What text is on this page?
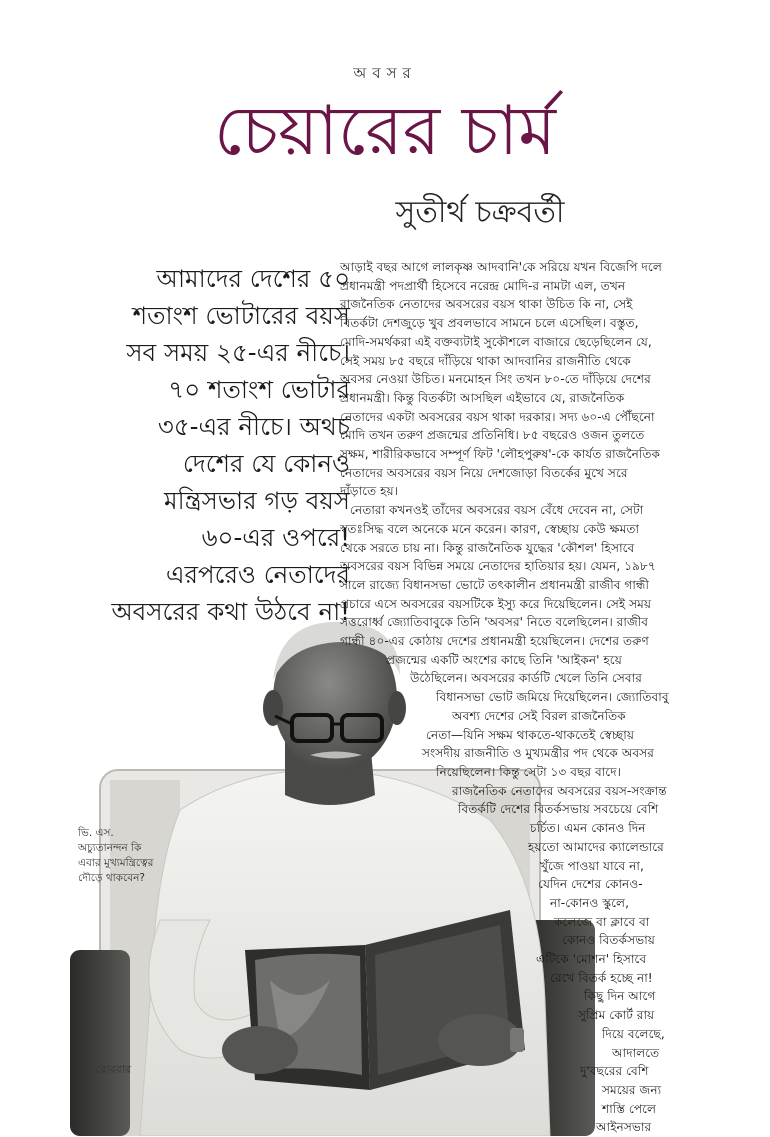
অবসর
চেয়ারের চার্ম
সুতীর্থ চক্রবর্তী

আমাদের দেশের ৫০

শতাংশ ভোটারের বয়স

সব সময় ২৫-এর নীচে।

৭০ শতাংশ ভোটার

৩৫-এর নীচে। অথচ

দেশের যে কোনও

মন্ত্রিসভার গড় বয়স

৬০-এর ওপরে!

এরপরেও নেতাদের

অবসরের কথা উঠবে না!

আড়াই বছর আগে লালকৃষ্ণ আদবানি'কে সরিয়ে যখন বিজেপি দলে
প্রধানমন্ত্রী পদপ্রার্থী হিসেবে নরেন্দ্র মোদি-র নামটা এল, তখন
রাজনৈতিক নেতাদের অবসরের বয়স থাকা উচিত কি না, সেই
বিতর্কটা দেশজুড়ে খুব প্রবলভাবে সামনে চলে এসেছিল। বস্তুত,
মোদি-সমর্থকরা এই বক্তব্যটাই সুকৌশলে বাজারে ছেড়েছিলেন যে,
সেই সময় ৮৫ বছরে দাঁড়িয়ে থাকা আদবানির রাজনীতি থেকে
অবসর নেওয়া উচিত। মনমোহন সিং তখন ৮০-তে দাঁড়িয়ে দেশের
প্রধানমন্ত্রী। কিন্তু বিতর্কটা আসছিল এইভাবে যে, রাজনৈতিক
নেতাদের একটা অবসরের বয়স থাকা দরকার। সদ্য ৬০-এ পৌঁছনো
মোদি তখন তরুণ প্রজন্মের প্রতিনিধি। ৮৫ বছরেও ওজন তুলতে
সক্ষম, শারীরিকভাবে সম্পূর্ণ ফিট 'লৌহপুরুষ'-কে কার্যত রাজনৈতিক
নেতাদের অবসরের বয়স নিয়ে দেশজোড়া বিতর্কের মুখে সরে
দাঁড়াতে হয়।
নেতারা কখনওই তাঁদের অবসরের বয়স বেঁধে দেবেন না, সেটা
স্বতঃসিদ্ধ বলে অনেকে মনে করেন। কারণ, স্বেচ্ছায় কেউ ক্ষমতা
থেকে সরতে চায় না। কিন্তু রাজনৈতিক যুদ্ধের 'কৌশল' হিসাবে
অবসরের বয়স বিভিন্ন সময়ে নেতাদের হাতিয়ার হয়। যেমন, ১৯৮৭
সালে রাজ্যে বিধানসভা ভোটে তৎকালীন প্রধানমন্ত্রী রাজীব গান্ধী
প্রচারে এসে অবসরের বয়সটিকে ইস্যু করে দিয়েছিলেন। সেই সময়
সত্তরোর্ধ্ব জ্যোতিবাবুকে তিনি 'অবসর' নিতে বলেছিলেন। রাজীব
গান্ধী ৪০-এর কোঠায় দেশের প্রধানমন্ত্রী হয়েছিলেন। দেশের তরুণ
প্রজন্মের একটি অংশের কাছে তিনি 'আইকন' হয়ে
উঠেছিলেন। অবসরের কার্ডটি খেলে তিনি সেবার
বিধানসভা ভোট জমিয়ে দিয়েছিলেন। জ্যোতিবাবু
অবশ্য দেশের সেই বিরল রাজনৈতিক
নেতা—যিনি সক্ষম থাকতে-থাকতেই স্বেচ্ছায়
সংসদীয় রাজনীতি ও মুখ্যমন্ত্রীর পদ থেকে অবসর
নিয়েছিলেন। কিন্তু সেটা ১৩ বছর বাদে।
রাজনৈতিক নেতাদের অবসরের বয়স-সংক্রান্ত
বিতর্কটি দেশের বিতর্কসভায় সবচেয়ে বেশি
চর্চিত। এমন কোনও দিন
হয়তো আমাদের ক্যালেন্ডারে
খুঁজে পাওয়া যাবে না,
যেদিন দেশের কোনও-
না-কোনও স্কুলে,
কলেজে বা ক্লাবে বা
কোনও বিতর্কসভায়
এটিকে 'মোশন' হিসাবে
রেখে বিতর্ক হচ্ছে না!
কিছু দিন আগে
সুপ্রিম কোর্ট রায়
দিয়ে বলেছে,
আদালতে
দু'বছরের বেশি
সময়ের জন্য
শাস্তি পেলে
আইনসভার

ভি. এস.

অচ্যুতানন্দন কি

এবার মুখ্যমন্ত্রিত্বের

দৌড়ে থাকবেন?

২০ রোববার
